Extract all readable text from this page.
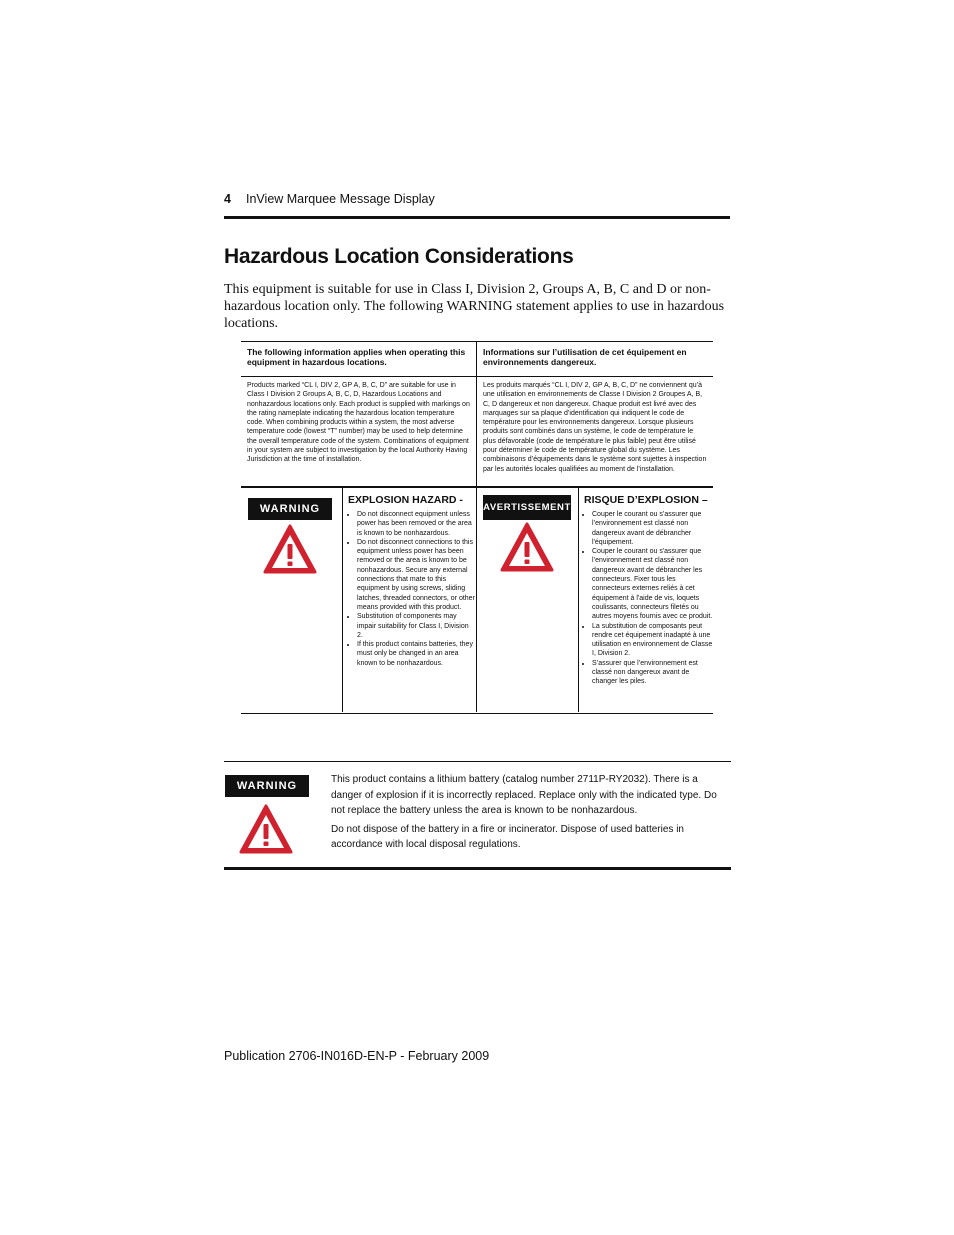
4 InView Marquee Message Display
Hazardous Location Considerations

This equipment is suitable for use in Class I, Division 2, Groups A, B, C and D or non-hazardous location only. The following WARNING statement applies to use in hazardous locations.

The following information applies when operating this equipment in hazardous locations.
Informations sur l’utilisation de cet équipement en environnements dangereux.
Products marked “CL I, DIV 2, GP A, B, C, D” are suitable for use in Class I Division 2 Groups A, B, C, D, Hazardous Locations and nonhazardous locations only. Each product is supplied with markings on the rating nameplate indicating the hazardous location temperature code. When combining products within a system, the most adverse temperature code (lowest “T” number) may be used to help determine the overall temperature code of the system. Combinations of equipment in your system are subject to investigation by the local Authority Having Jurisdiction at the time of installation.
Les produits marqués “CL I, DIV 2, GP A, B, C, D” ne conviennent qu’à une utilisation en environnements de Classe I Division 2 Groupes A, B, C, D dangereux et non dangereux. Chaque produit est livré avec des marquages sur sa plaque d’identification qui indiquent le code de température pour les environnements dangereux. Lorsque plusieurs produits sont combinés dans un système, le code de température le plus défavorable (code de température le plus faible) peut être utilisé pour déterminer le code de température global du système. Les combinaisons d’équipements dans le système sont sujettes à inspection par les autorités locales qualifiées au moment de l’installation.
WARNING
EXPLOSION HAZARD -
• Do not disconnect equipment unless power has been removed or the area is known to be nonhazardous.
• Do not disconnect connections to this equipment unless power has been removed or the area is known to be nonhazardous. Secure any external connections that mate to this equipment by using screws, sliding latches, threaded connectors, or other means provided with this product.
• Substitution of components may impair suitability for Class I, Division 2.
• If this product contains batteries, they must only be changed in an area known to be nonhazardous.
AVERTISSEMENT
RISQUE D’EXPLOSION –
• Couper le courant ou s’assurer que l’environnement est classé non dangereux avant de débrancher l'équipement.
• Couper le courant ou s'assurer que l’environnement est classé non dangereux avant de débrancher les connecteurs. Fixer tous les connecteurs externes reliés à cet équipement à l'aide de vis, loquets coulissants, connecteurs filetés ou autres moyens fournis avec ce produit.
• La substitution de composants peut rendre cet équipement inadapté à une utilisation en environnement de Classe I, Division 2.
• S’assurer que l’environnement est classé non dangereux avant de changer les piles.
WARNING

This product contains a lithium battery (catalog number 2711P-RY2032). There is a danger of explosion if it is incorrectly replaced. Replace only with the indicated type. Do not replace the battery unless the area is known to be nonhazardous.

Do not dispose of the battery in a fire or incinerator. Dispose of used batteries in accordance with local disposal regulations.

Publication 2706-IN016D-EN-P - February 2009
